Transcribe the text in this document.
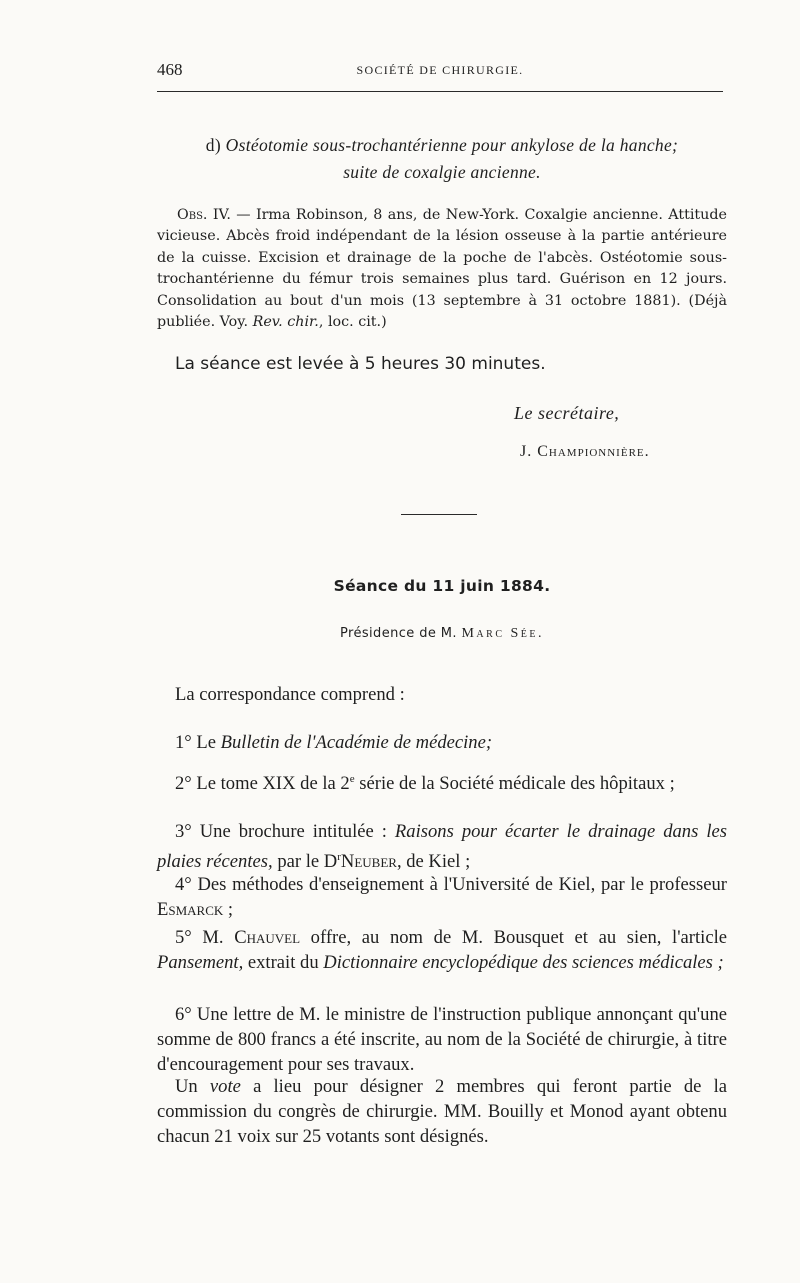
468	SOCIÉTÉ DE CHIRURGIE.
d) Ostéotomie sous-trochantérienne pour ankylose de la hanche;
suite de coxalgie ancienne.
Obs. IV. — Irma Robinson, 8 ans, de New-York. Coxalgie ancienne. Attitude vicieuse. Abcès froid indépendant de la lésion osseuse à la partie antérieure de la cuisse. Excision et drainage de la poche de l'abcès. Ostéotomie sous-trochantérienne du fémur trois semaines plus tard. Guérison en 12 jours. Consolidation au bout d'un mois (13 septembre à 31 octobre 1881). (Déjà publiée. Voy. Rev. chir., loc. cit.)
La séance est levée à 5 heures 30 minutes.
Le secrétaire,
J. Championnière.
Séance du 11 juin 1884.
Présidence de M. Marc Sée.

La correspondance comprend :

1° Le Bulletin de l'Académie de médecine;

2° Le tome XIX de la 2e série de la Société médicale des hôpitaux ;

3° Une brochure intitulée : Raisons pour écarter le drainage dans les plaies récentes, par le $D^rNeuber$, de Kiel ;

4° Des méthodes d'enseignement à l'Université de Kiel, par le professeur Esmarck ;

5° M. Chauvel offre, au nom de M. Bousquet et au sien, l'article Pansement, extrait du Dictionnaire encyclopédique des sciences médicales ;

6° Une lettre de M. le ministre de l'instruction publique annonçant qu'une somme de 800 francs a été inscrite, au nom de la Société de chirurgie, à titre d'encouragement pour ses travaux.

Un vote a lieu pour désigner 2 membres qui feront partie de la commission du congrès de chirurgie. MM. Bouilly et Monod ayant obtenu chacun 21 voix sur 25 votants sont désignés.
